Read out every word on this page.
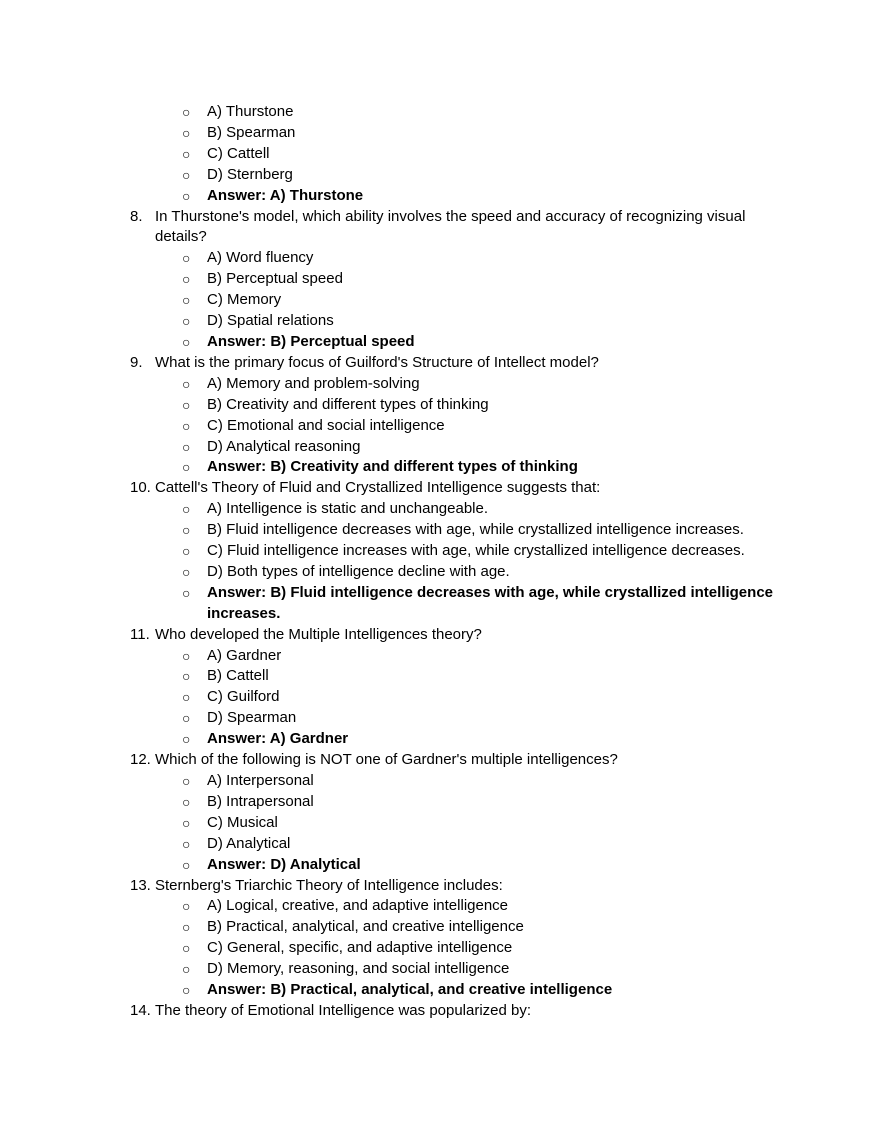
○ A) Thurstone
○ B) Spearman
○ C) Cattell
○ D) Sternberg
○ Answer: A) Thurstone
8. In Thurstone's model, which ability involves the speed and accuracy of recognizing visual details?
○ A) Word fluency
○ B) Perceptual speed
○ C) Memory
○ D) Spatial relations
○ Answer: B) Perceptual speed
9. What is the primary focus of Guilford's Structure of Intellect model?
○ A) Memory and problem-solving
○ B) Creativity and different types of thinking
○ C) Emotional and social intelligence
○ D) Analytical reasoning
○ Answer: B) Creativity and different types of thinking
10. Cattell's Theory of Fluid and Crystallized Intelligence suggests that:
○ A) Intelligence is static and unchangeable.
○ B) Fluid intelligence decreases with age, while crystallized intelligence increases.
○ C) Fluid intelligence increases with age, while crystallized intelligence decreases.
○ D) Both types of intelligence decline with age.
○ Answer: B) Fluid intelligence decreases with age, while crystallized intelligence increases.
11. Who developed the Multiple Intelligences theory?
○ A) Gardner
○ B) Cattell
○ C) Guilford
○ D) Spearman
○ Answer: A) Gardner
12. Which of the following is NOT one of Gardner's multiple intelligences?
○ A) Interpersonal
○ B) Intrapersonal
○ C) Musical
○ D) Analytical
○ Answer: D) Analytical
13. Sternberg's Triarchic Theory of Intelligence includes:
○ A) Logical, creative, and adaptive intelligence
○ B) Practical, analytical, and creative intelligence
○ C) General, specific, and adaptive intelligence
○ D) Memory, reasoning, and social intelligence
○ Answer: B) Practical, analytical, and creative intelligence
14. The theory of Emotional Intelligence was popularized by:
